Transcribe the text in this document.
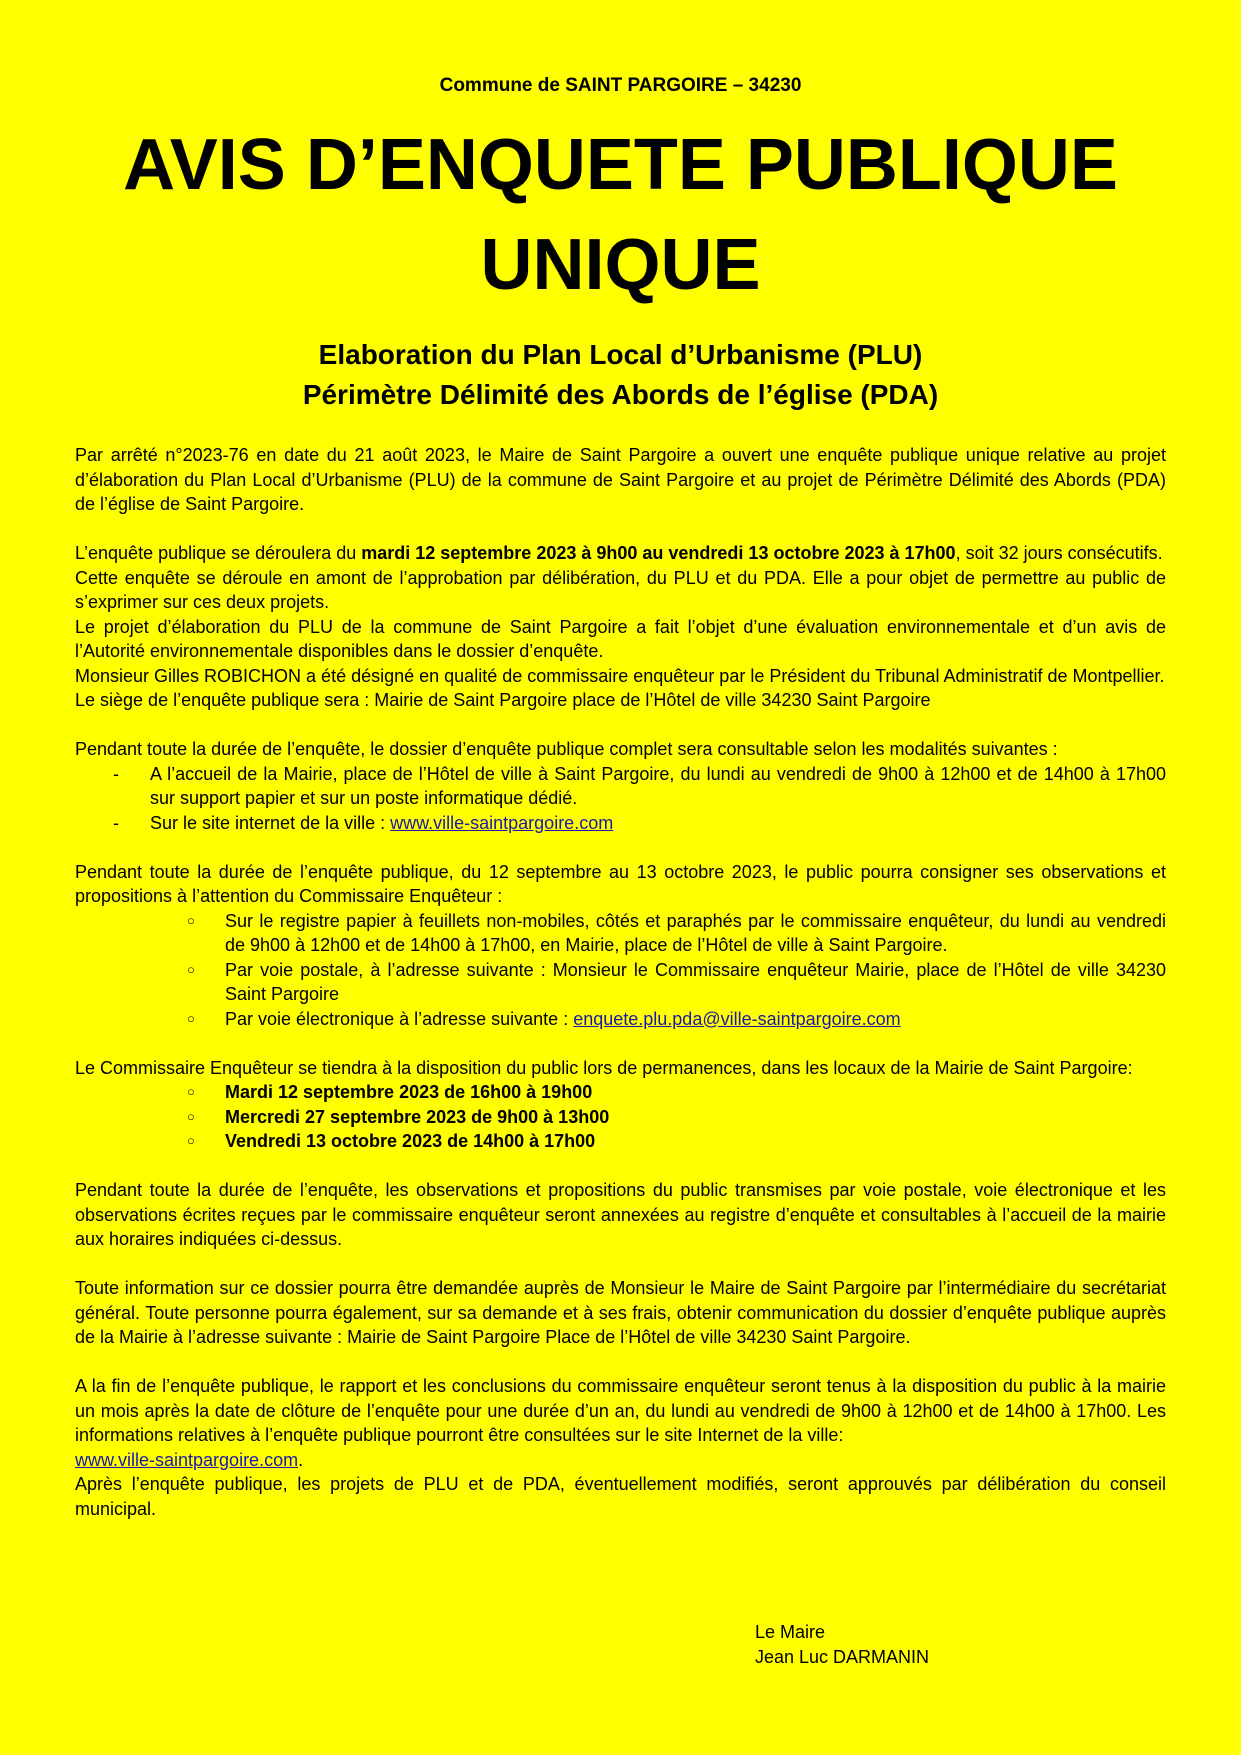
Commune de SAINT PARGOIRE – 34230

AVIS D’ENQUETE PUBLIQUE
UNIQUE
Elaboration du Plan Local d’Urbanisme (PLU)
Périmètre Délimité des Abords de l’église (PDA)

Par arrêté n°2023-76 en date du 21 août 2023, le Maire de Saint Pargoire a ouvert une enquête publique unique relative au projet d’élaboration du Plan Local d’Urbanisme (PLU) de la commune de Saint Pargoire et au projet de Périmètre Délimité des Abords (PDA) de l’église de Saint Pargoire.

L’enquête publique se déroulera du mardi 12 septembre 2023 à 9h00 au vendredi 13 octobre 2023 à 17h00, soit 32 jours consécutifs.

Cette enquête se déroule en amont de l’approbation par délibération, du PLU et du PDA. Elle a pour objet de permettre au public de s’exprimer sur ces deux projets.

Le projet d’élaboration du PLU de la commune de Saint Pargoire a fait l’objet d’une évaluation environnementale et d’un avis de l’Autorité environnementale disponibles dans le dossier d’enquête.

Monsieur Gilles ROBICHON a été désigné en qualité de commissaire enquêteur par le Président du Tribunal Administratif de Montpellier.

Le siège de l’enquête publique sera : Mairie de Saint Pargoire place de l’Hôtel de ville 34230 Saint Pargoire

Pendant toute la durée de l’enquête, le dossier d’enquête publique complet sera consultable selon les modalités suivantes :

- A l’accueil de la Mairie, place de l’Hôtel de ville à Saint Pargoire, du lundi au vendredi de 9h00 à 12h00 et de 14h00 à 17h00 sur support papier et sur un poste informatique dédié.
- Sur le site internet de la ville : www.ville-saintpargoire.com

Pendant toute la durée de l’enquête publique, du 12 septembre au 13 octobre 2023, le public pourra consigner ses observations et propositions à l’attention du Commissaire Enquêteur :

○ Sur le registre papier à feuillets non-mobiles, côtés et paraphés par le commissaire enquêteur, du lundi au vendredi de 9h00 à 12h00 et de 14h00 à 17h00, en Mairie, place de l’Hôtel de ville à Saint Pargoire.
○ Par voie postale, à l’adresse suivante : Monsieur le Commissaire enquêteur Mairie, place de l’Hôtel de ville 34230 Saint Pargoire
○ Par voie électronique à l’adresse suivante : enquete.plu.pda@ville-saintpargoire.com

Le Commissaire Enquêteur se tiendra à la disposition du public lors de permanences, dans les locaux de la Mairie de Saint Pargoire:

○ Mardi 12 septembre 2023 de 16h00 à 19h00
○ Mercredi 27 septembre 2023 de 9h00 à 13h00
○ Vendredi 13 octobre 2023 de 14h00 à 17h00

Pendant toute la durée de l’enquête, les observations et propositions du public transmises par voie postale, voie électronique et les observations écrites reçues par le commissaire enquêteur seront annexées au registre d’enquête et consultables à l’accueil de la mairie aux horaires indiquées ci-dessus.

Toute information sur ce dossier pourra être demandée auprès de Monsieur le Maire de Saint Pargoire par l’intermédiaire du secrétariat général. Toute personne pourra également, sur sa demande et à ses frais, obtenir communication du dossier d’enquête publique auprès de la Mairie à l’adresse suivante : Mairie de Saint Pargoire Place de l’Hôtel de ville 34230 Saint Pargoire.

A la fin de l’enquête publique, le rapport et les conclusions du commissaire enquêteur seront tenus à la disposition du public à la mairie un mois après la date de clôture de l’enquête pour une durée d’un an, du lundi au vendredi de 9h00 à 12h00 et de 14h00 à 17h00. Les informations relatives à l’enquête publique pourront être consultées sur le site Internet de la ville:

www.ville-saintpargoire.com.

Après l’enquête publique, les projets de PLU et de PDA, éventuellement modifiés, seront approuvés par délibération du conseil municipal.

Le Maire
Jean Luc DARMANIN
